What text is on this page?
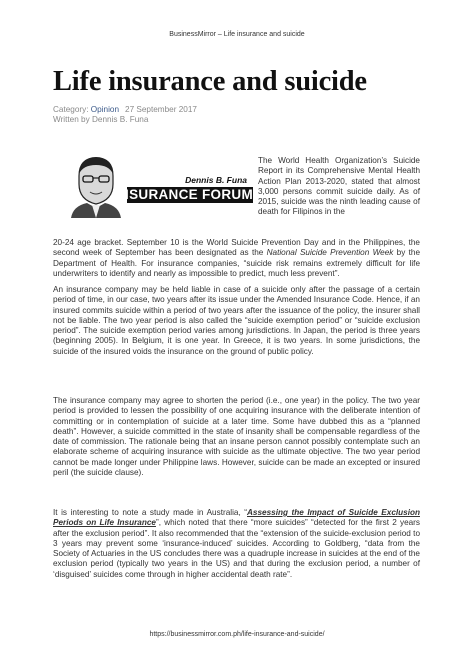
BusinessMirror – Life insurance and suicide
Life insurance and suicide
Category: Opinion 27 September 2017
Written by Dennis B. Funa
Dennis B. Funa
INSURANCE FORUM
The World Health Organization’s Suicide Report in its Comprehensive Mental Health Action Plan 2013-2020, stated that almost 3,000 persons commit suicide daily. As of 2015, suicide was the ninth leading cause of death for Filipinos in the
20-24 age bracket. September 10 is the World Suicide Prevention Day and in the Philippines, the second week of September has been designated as the National Suicide Prevention Week by the Department of Health. For insurance companies, “suicide risk remains extremely difficult for life underwriters to identify and nearly as impossible to predict, much less prevent”.
An insurance company may be held liable in case of a suicide only after the passage of a certain period of time, in our case, two years after its issue under the Amended Insurance Code. Hence, if an insured commits suicide within a period of two years after the issuance of the policy, the insurer shall not be liable. The two year period is also called the “suicide exemption period” or “suicide exclusion period”. The suicide exemption period varies among jurisdictions. In Japan, the period is three years (beginning 2005). In Belgium, it is one year. In Greece, it is two years. In some jurisdictions, the suicide of the insured voids the insurance on the ground of public policy.
The insurance company may agree to shorten the period (i.e., one year) in the policy. The two year period is provided to lessen the possibility of one acquiring insurance with the deliberate intention of committing or in contemplation of suicide at a later time. Some have dubbed this as a “planned death”. However, a suicide committed in the state of insanity shall be compensable regardless of the date of commission. The rationale being that an insane person cannot possibly contemplate such an elaborate scheme of acquiring insurance with suicide as the ultimate objective. The two year period cannot be made longer under Philippine laws. However, suicide can be made an excepted or insured peril (the suicide clause).
It is interesting to note a study made in Australia, “Assessing the Impact of Suicide Exclusion Periods on Life Insurance”, which noted that there “more suicides” “detected for the first 2 years after the exclusion period”. It also recommended that the “extension of the suicide-exclusion period to 3 years may prevent some ‘insurance-induced’ suicides. According to Goldberg, “data from the Society of Actuaries in the US concludes there was a quadruple increase in suicides at the end of the exclusion period (typically two years in the US) and that during the exclusion period, a number of ‘disguised’ suicides come through in higher accidental death rate”.
https://businessmirror.com.ph/life-insurance-and-suicide/
